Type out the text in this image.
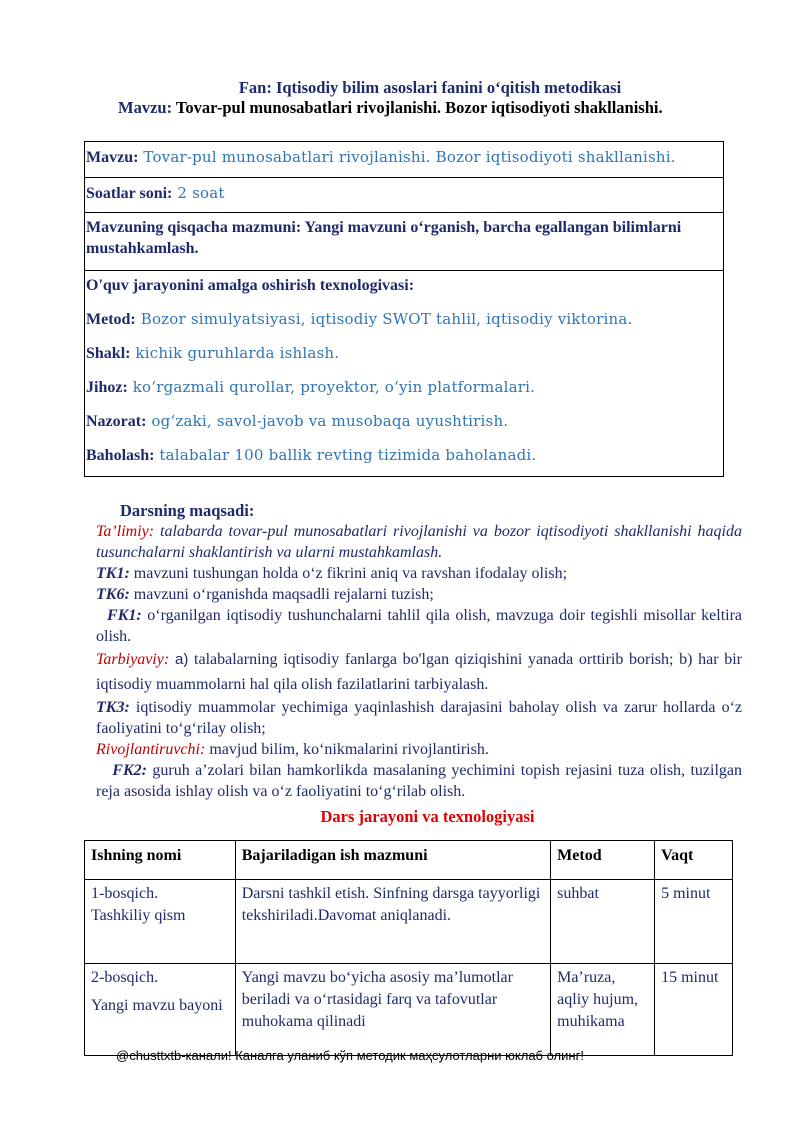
Fan: Iqtisodiy bilim asoslari fanini o‘qitish metodikasi
Mavzu: Tovar-pul munosabatlari rivojlanishi. Bozor iqtisodiyoti shakllanishi.
Mavzu: Tovar-pul munosabatlari rivojlanishi. Bozor iqtisodiyoti shakllanishi.
Soatlar soni: 2 soat
Mavzuning qisqacha mazmuni: Yangi mavzuni o‘rganish, barcha egallangan bilimlarni mustahkamlash.

O'quv jarayonini amalga oshirish texnologivasi:

Metod: Bozor simulyatsiyasi, iqtisodiy SWOT tahlil, iqtisodiy viktorina.

Shakl: kichik guruhlarda ishlash.

Jihoz: ko‘rgazmali qurollar, proyektor, o‘yin platformalari.

Nazorat: og‘zaki, savol-javob va musobaqa uyushtirish.

Baholash: talabalar 100 ballik revting tizimida baholanadi.

Darsning maqsadi:

Ta’limiy: talabarda tovar-pul munosabatlari rivojlanishi va bozor iqtisodiyoti shakllanishi haqida tusunchalarni shaklantirish va ularni mustahkamlash.

TK1: mavzuni tushungan holda o‘z fikrini aniq va ravshan ifodalay olish;

TK6: mavzuni o‘rganishda maqsadli rejalarni tuzish;

FK1: o‘rganilgan iqtisodiy tushunchalarni tahlil qila olish, mavzuga doir tegishli misollar keltira olish.

Tarbiyaviy: a) talabalarning iqtisodiy fanlarga bo'lgan qiziqishini yanada orttirib borish; b) har bir iqtisodiy muammolarni hal qila olish fazilatlarini tarbiyalash.

TK3: iqtisodiy muammolar yechimiga yaqinlashish darajasini baholay olish va zarur hollarda o‘z faoliyatini to‘g‘rilay olish;

Rivojlantiruvchi: mavjud bilim, ko‘nikmalarini rivojlantirish.

FK2: guruh a’zolari bilan hamkorlikda masalaning yechimini topish rejasini tuza olish, tuzilgan reja asosida ishlay olish va o‘z faoliyatini to‘g‘rilab olish.

Dars jarayoni va texnologiyasi
Ishning nomi	Bajariladigan ish mazmuni	Metod	Vaqt

1-bosqich.

Tashkiliy qism	Darsni tashkil etish. Sinfning darsga tayyorligi tekshiriladi.Davomat aniqlanadi.	suhbat	5 minut

2-bosqich.

Yangi mavzu bayoni	Yangi mavzu bo‘yicha asosiy ma’lumotlar beriladi va o‘rtasidagi farq va tafovutlar muhokama qilinadi	Ma’ruza, aqliy hujum, muhikama	15 minut
@chusttxtb-канали! Каналга уланиб кўп методик маҳсулотларни юклаб олинг!
